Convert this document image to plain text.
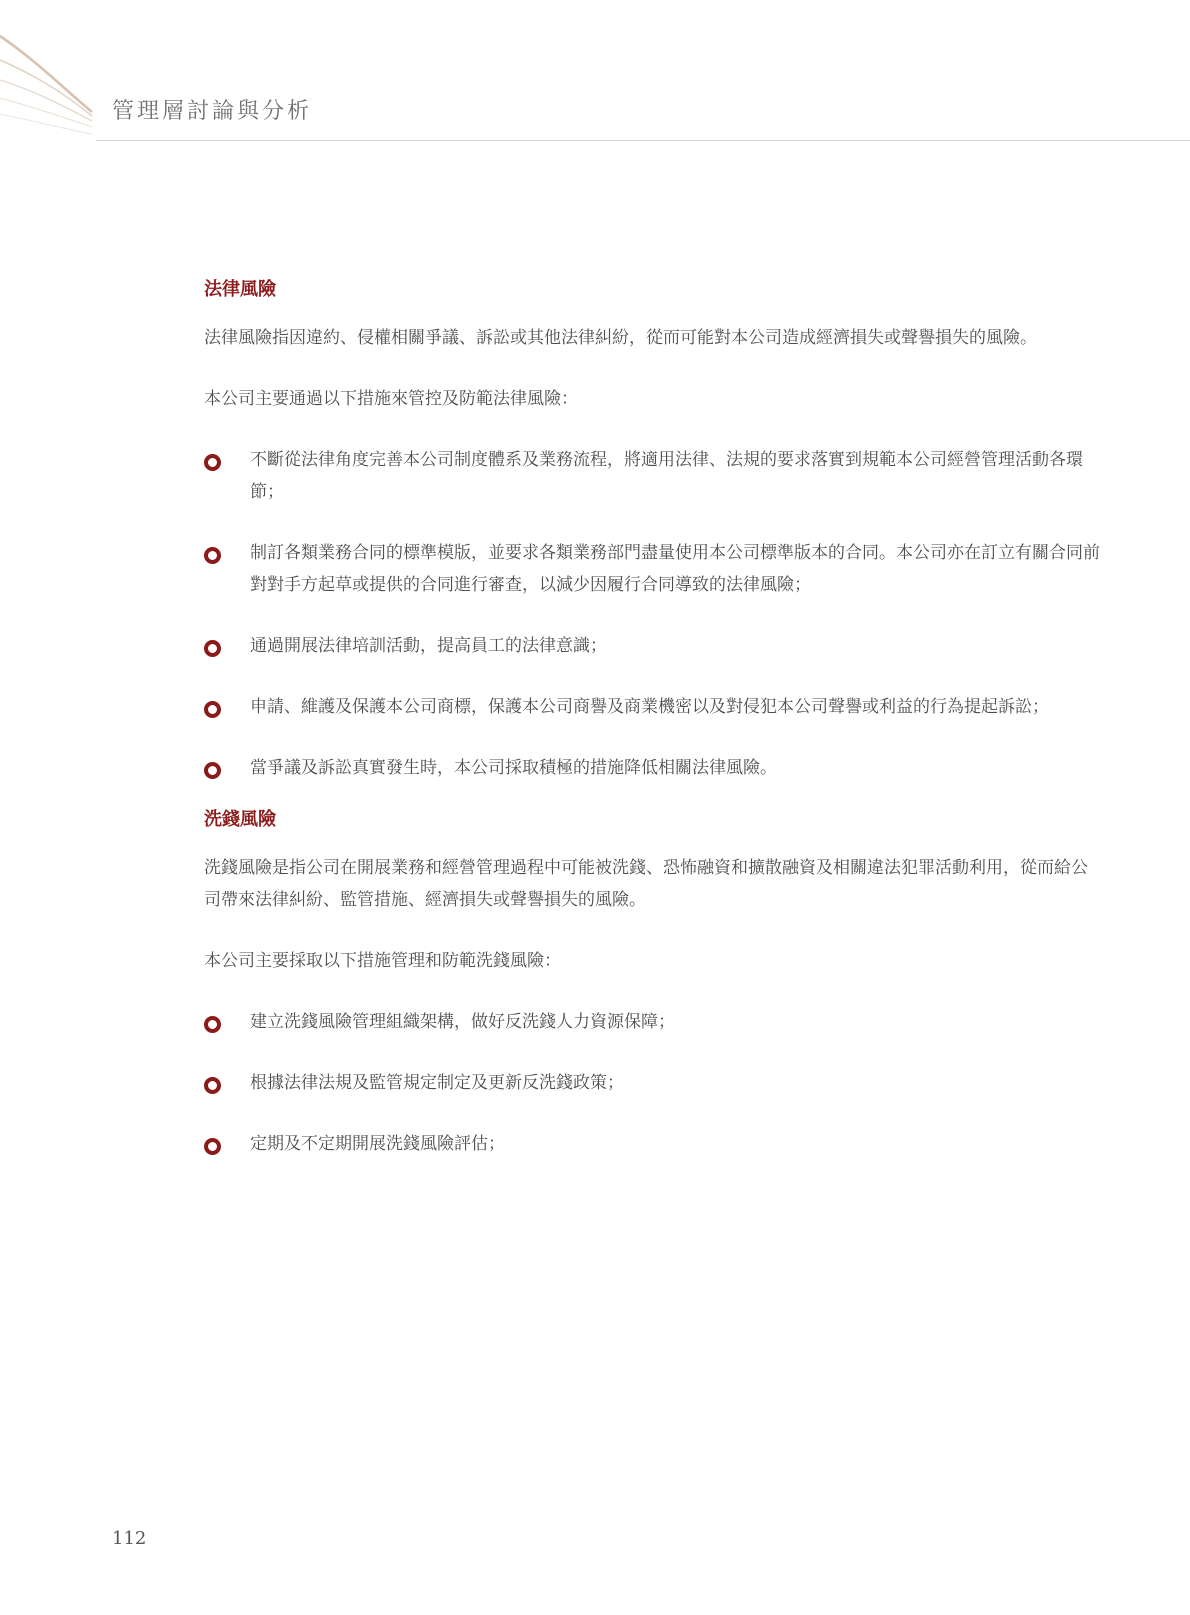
管理層討論與分析
法律風險

法律風險指因違約、侵權相關爭議、訴訟或其他法律糾紛，從而可能對本公司造成經濟損失或聲譽損失的風險。

本公司主要通過以下措施來管控及防範法律風險：

不斷從法律角度完善本公司制度體系及業務流程，將適用法律、法規的要求落實到規範本公司經營管理活動各環節；
制訂各類業務合同的標準模版，並要求各類業務部門盡量使用本公司標準版本的合同。本公司亦在訂立有關合同前對對手方起草或提供的合同進行審查，以減少因履行合同導致的法律風險；
通過開展法律培訓活動，提高員工的法律意識；
申請、維護及保護本公司商標，保護本公司商譽及商業機密以及對侵犯本公司聲譽或利益的行為提起訴訟；
當爭議及訴訟真實發生時，本公司採取積極的措施降低相關法律風險。
洗錢風險

洗錢風險是指公司在開展業務和經營管理過程中可能被洗錢、恐怖融資和擴散融資及相關違法犯罪活動利用，從而給公司帶來法律糾紛、監管措施、經濟損失或聲譽損失的風險。

本公司主要採取以下措施管理和防範洗錢風險：

建立洗錢風險管理組織架構，做好反洗錢人力資源保障；
根據法律法規及監管規定制定及更新反洗錢政策；
定期及不定期開展洗錢風險評估；
112
